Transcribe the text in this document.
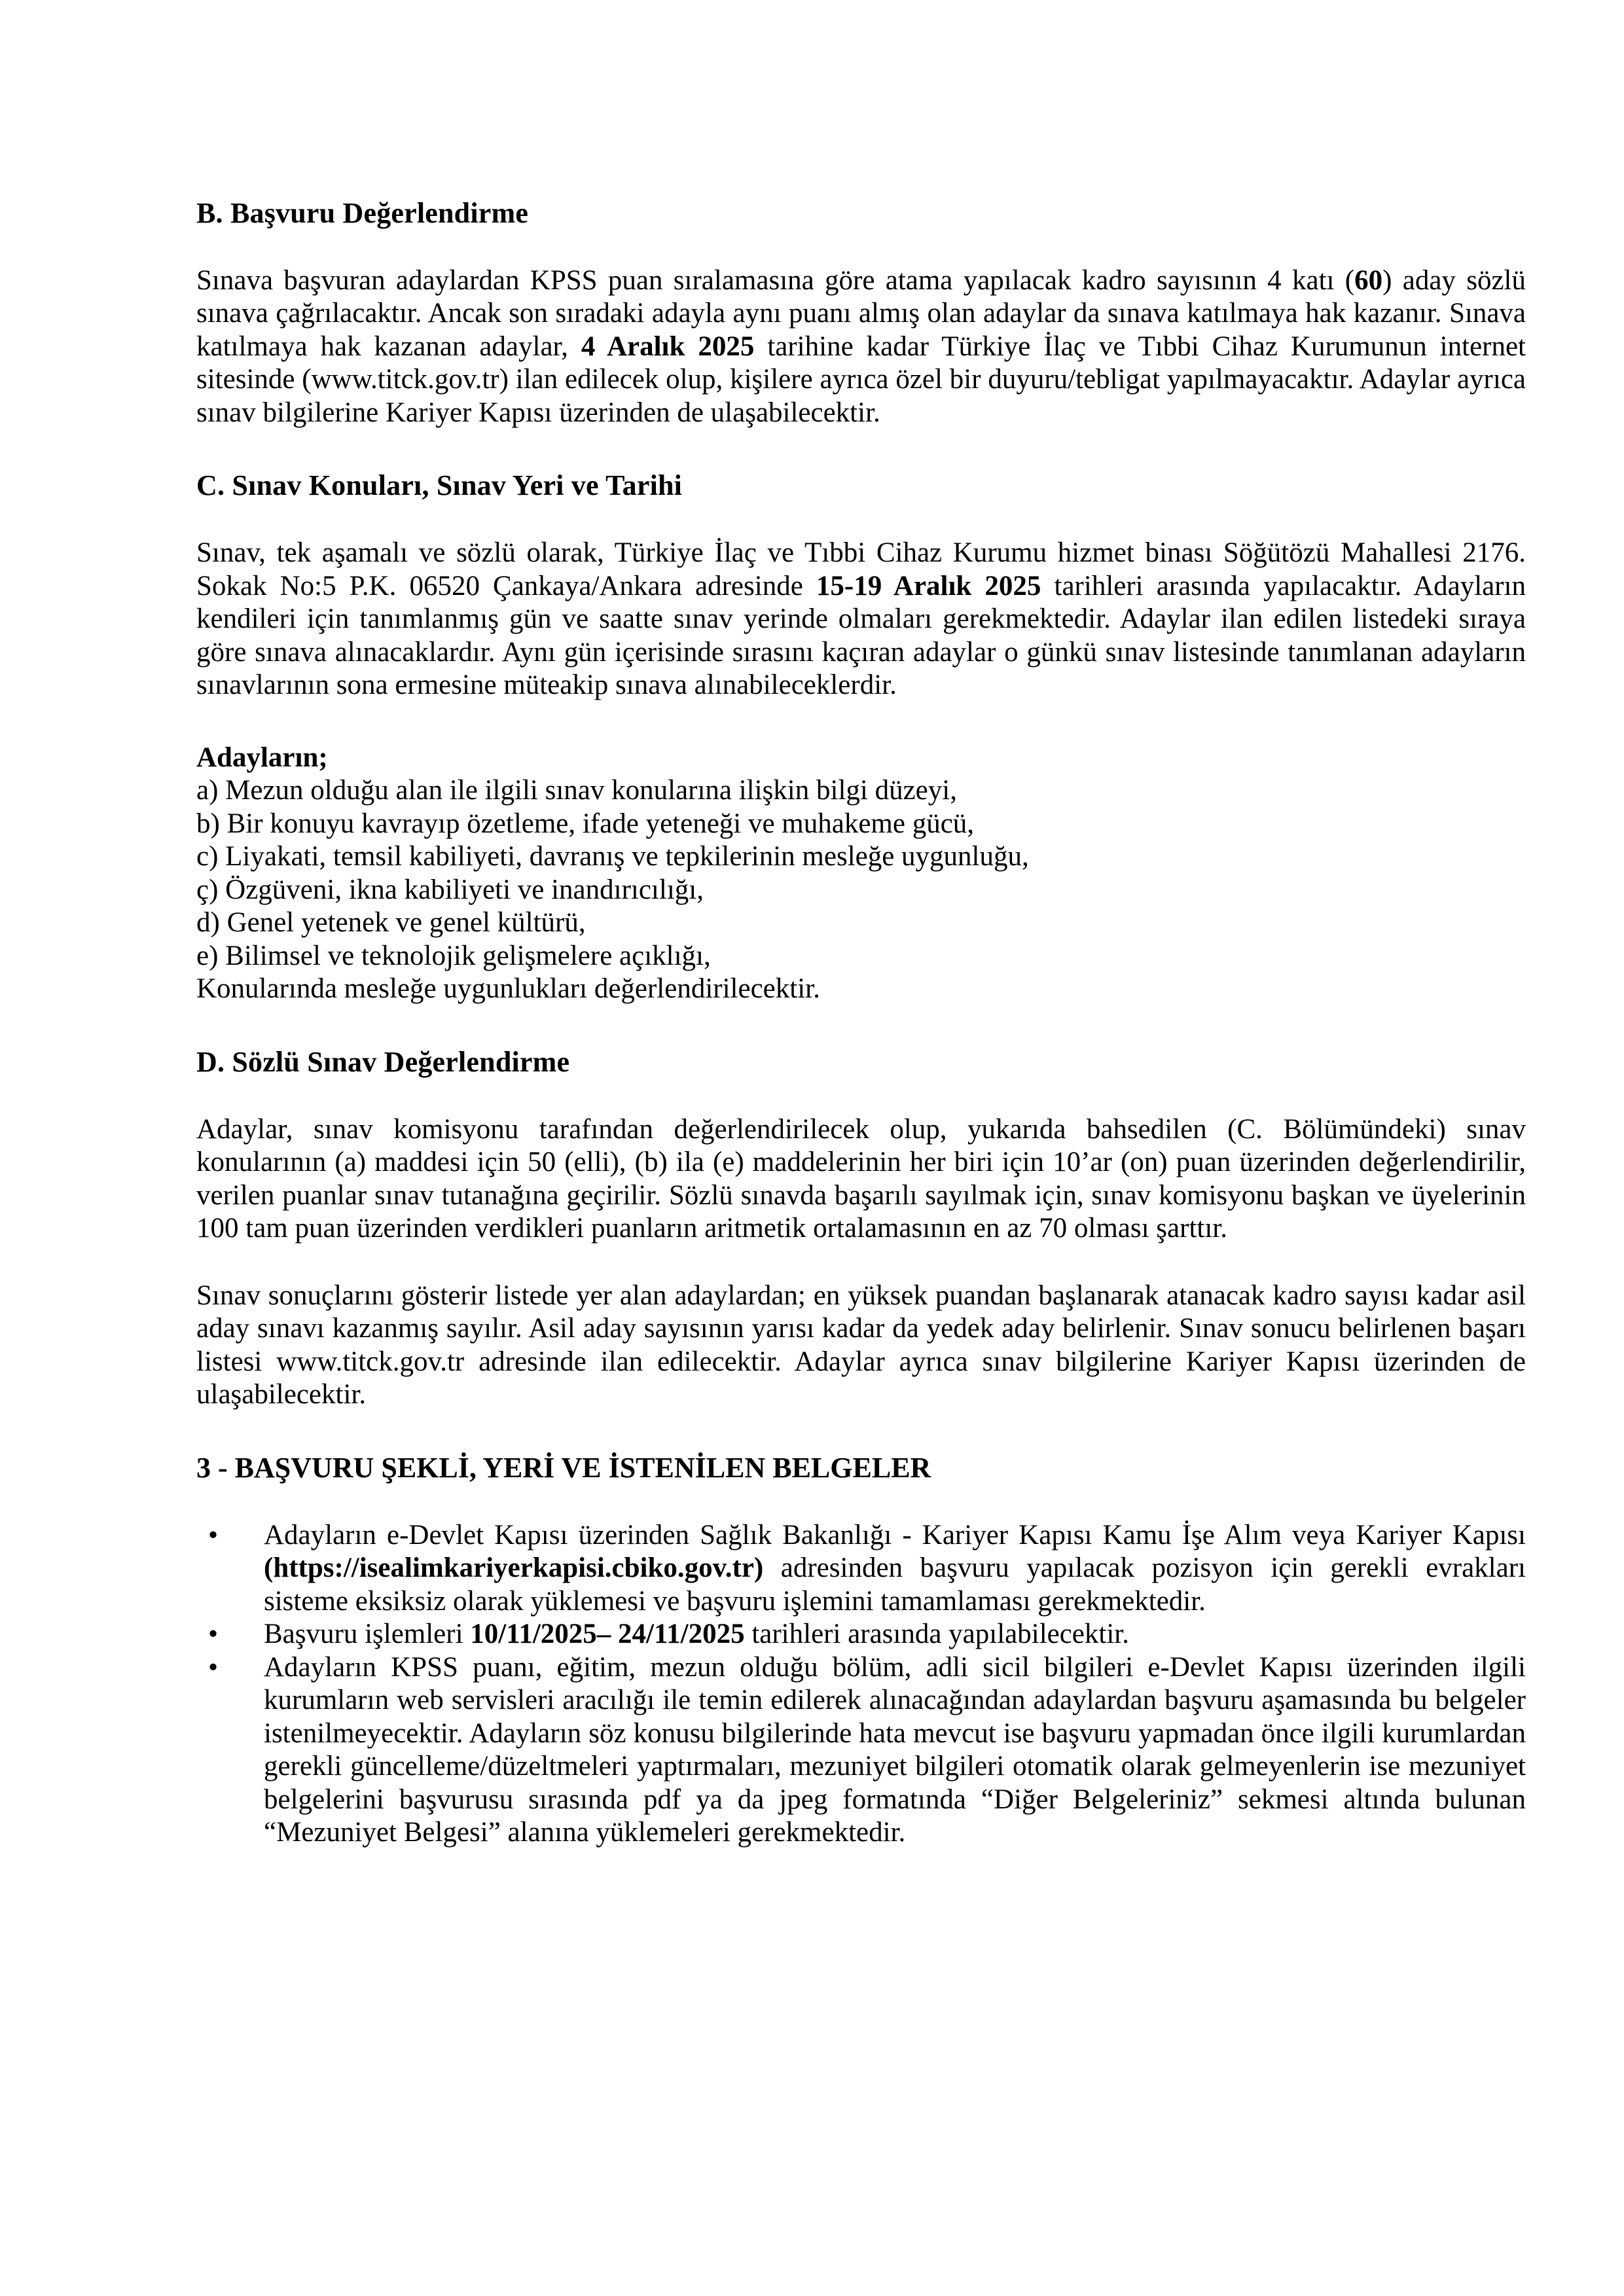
B. Başvuru Değerlendirme

Sınava başvuran adaylardan KPSS puan sıralamasına göre atama yapılacak kadro sayısının 4 katı (60) aday sözlü sınava çağrılacaktır. Ancak son sıradaki adayla aynı puanı almış olan adaylar da sınava katılmaya hak kazanır. Sınava katılmaya hak kazanan adaylar, 4 Aralık 2025 tarihine kadar Türkiye İlaç ve Tıbbi Cihaz Kurumunun internet sitesinde (www.titck.gov.tr) ilan edilecek olup, kişilere ayrıca özel bir duyuru/tebligat yapılmayacaktır. Adaylar ayrıca sınav bilgilerine Kariyer Kapısı üzerinden de ulaşabilecektir.

C. Sınav Konuları, Sınav Yeri ve Tarihi

Sınav, tek aşamalı ve sözlü olarak, Türkiye İlaç ve Tıbbi Cihaz Kurumu hizmet binası Söğütözü Mahallesi 2176. Sokak No:5 P.K. 06520 Çankaya/Ankara adresinde 15-19 Aralık 2025 tarihleri arasında yapılacaktır. Adayların kendileri için tanımlanmış gün ve saatte sınav yerinde olmaları gerekmektedir. Adaylar ilan edilen listedeki sıraya göre sınava alınacaklardır. Aynı gün içerisinde sırasını kaçıran adaylar o günkü sınav listesinde tanımlanan adayların sınavlarının sona ermesine müteakip sınava alınabileceklerdir.

Adayların;

a) Mezun olduğu alan ile ilgili sınav konularına ilişkin bilgi düzeyi,
b) Bir konuyu kavrayıp özetleme, ifade yeteneği ve muhakeme gücü,
c) Liyakati, temsil kabiliyeti, davranış ve tepkilerinin mesleğe uygunluğu,
ç) Özgüveni, ikna kabiliyeti ve inandırıcılığı,
d) Genel yetenek ve genel kültürü,
e) Bilimsel ve teknolojik gelişmelere açıklığı,

Konularında mesleğe uygunlukları değerlendirilecektir.

D. Sözlü Sınav Değerlendirme

Adaylar, sınav komisyonu tarafından değerlendirilecek olup, yukarıda bahsedilen (C. Bölümündeki) sınav konularının (a) maddesi için 50 (elli), (b) ila (e) maddelerinin her biri için 10’ar (on) puan üzerinden değerlendirilir, verilen puanlar sınav tutanağına geçirilir. Sözlü sınavda başarılı sayılmak için, sınav komisyonu başkan ve üyelerinin 100 tam puan üzerinden verdikleri puanların aritmetik ortalamasının en az 70 olması şarttır.

Sınav sonuçlarını gösterir listede yer alan adaylardan; en yüksek puandan başlanarak atanacak kadro sayısı kadar asil aday sınavı kazanmış sayılır. Asil aday sayısının yarısı kadar da yedek aday belirlenir. Sınav sonucu belirlenen başarı listesi www.titck.gov.tr adresinde ilan edilecektir. Adaylar ayrıca sınav bilgilerine Kariyer Kapısı üzerinden de ulaşabilecektir.

3 - BAŞVURU ŞEKLİ, YERİ VE İSTENİLEN BELGELER
•	Adayların e-Devlet Kapısı üzerinden Sağlık Bakanlığı - Kariyer Kapısı Kamu İşe Alım veya Kariyer Kapısı (https://isealimkariyerkapisi.cbiko.gov.tr) adresinden başvuru yapılacak pozisyon için gerekli evrakları sisteme eksiksiz olarak yüklemesi ve başvuru işlemini tamamlaması gerekmektedir.
•	Başvuru işlemleri 10/11/2025– 24/11/2025 tarihleri arasında yapılabilecektir.
•	Adayların KPSS puanı, eğitim, mezun olduğu bölüm, adli sicil bilgileri e-Devlet Kapısı üzerinden ilgili kurumların web servisleri aracılığı ile temin edilerek alınacağından adaylardan başvuru aşamasında bu belgeler istenilmeyecektir. Adayların söz konusu bilgilerinde hata mevcut ise başvuru yapmadan önce ilgili kurumlardan gerekli güncelleme/düzeltmeleri yaptırmaları, mezuniyet bilgileri otomatik olarak gelmeyenlerin ise mezuniyet belgelerini başvurusu sırasında pdf ya da jpeg formatında “Diğer Belgeleriniz” sekmesi altında bulunan “Mezuniyet Belgesi” alanına yüklemeleri gerekmektedir.
